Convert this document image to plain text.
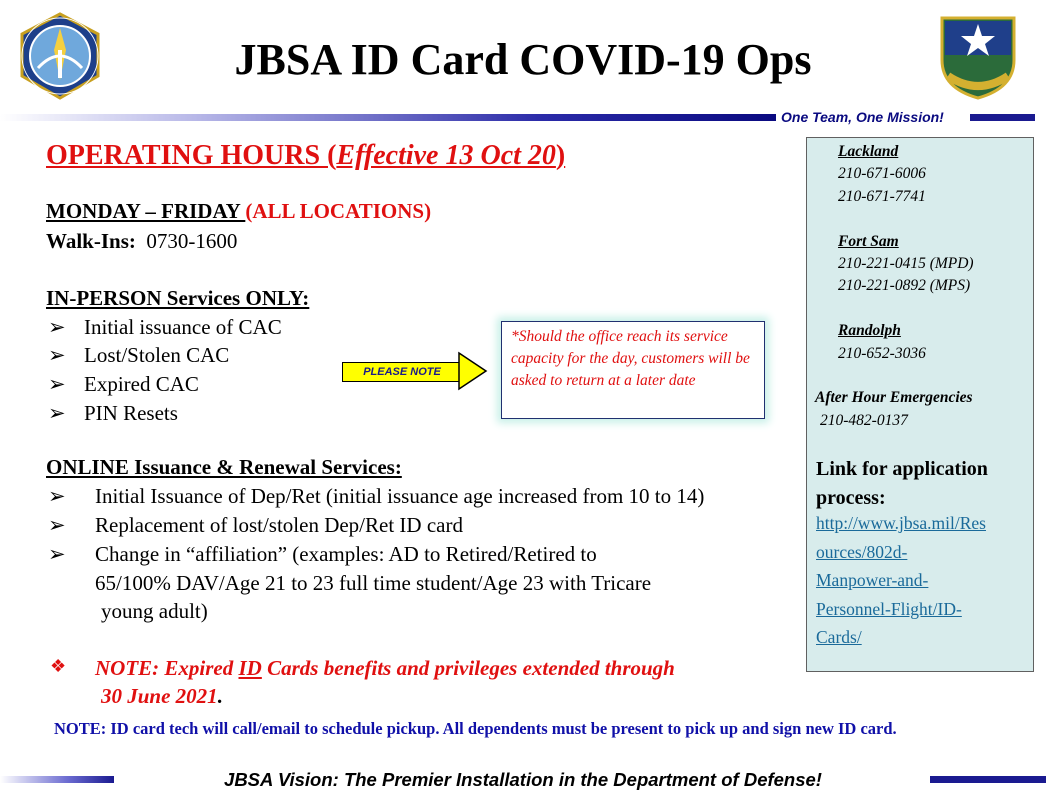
JBSA ID Card COVID-19 Ops
One Team, One Mission!
OPERATING HOURS (Effective 13 Oct 20)
MONDAY – FRIDAY (ALL LOCATIONS)
Walk-Ins:  0730-1600
IN-PERSON Services ONLY:
➢ Initial issuance of CAC
➢ Lost/Stolen CAC
➢ Expired CAC
➢ PIN Resets
PLEASE NOTE
*Should the office reach its service capacity for the day, customers will be asked to return at a later date
ONLINE Issuance & Renewal Services:
➢ Initial Issuance of Dep/Ret (initial issuance age increased from 10 to 14)
➢ Replacement of lost/stolen Dep/Ret ID card
➢ Change in “affiliation” (examples: AD to Retired/Retired to
65/100% DAV/Age 21 to 23 full time student/Age 23 with Tricare
young adult)
❖ NOTE: Expired ID Cards benefits and privileges extended through
30 June 2021.
NOTE: ID card tech will call/email to schedule pickup. All dependents must be present to pick up and sign new ID card.
Lackland
210-671-6006
210-671-7741
Fort Sam
210-221-0415 (MPD)
210-221-0892 (MPS)
Randolph
210-652-3036
After Hour Emergencies
210-482-0137
Link for application
process:
http://www.jbsa.mil/Res
ources/802d-
Manpower-and-
Personnel-Flight/ID-
Cards/
JBSA Vision: The Premier Installation in the Department of Defense!
